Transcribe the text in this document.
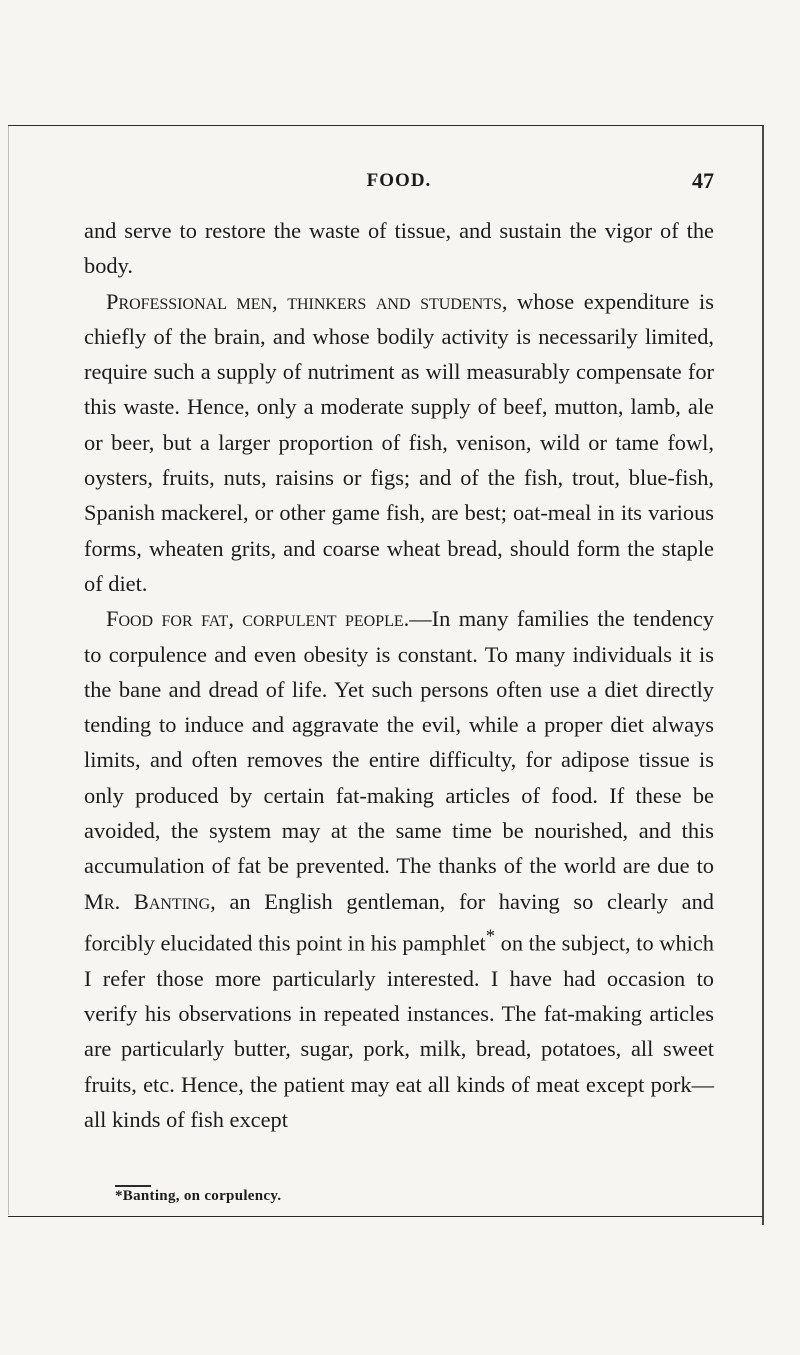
FOOD.	47

and serve to restore the waste of tissue, and sustain the vigor of the body.

Professional men, thinkers and students, whose expenditure is chiefly of the brain, and whose bodily activity is necessarily limited, require such a supply of nutriment as will measurably compensate for this waste. Hence, only a moderate supply of beef, mutton, lamb, ale or beer, but a larger proportion of fish, venison, wild or tame fowl, oysters, fruits, nuts, raisins or figs; and of the fish, trout, blue-fish, Spanish mackerel, or other game fish, are best; oat-meal in its various forms, wheaten grits, and coarse wheat bread, should form the staple of diet.

Food for fat, corpulent people.—In many families the tendency to corpulence and even obesity is constant. To many individuals it is the bane and dread of life. Yet such persons often use a diet directly tending to induce and aggravate the evil, while a proper diet always limits, and often removes the entire difficulty, for adipose tissue is only produced by certain fat-making articles of food. If these be avoided, the system may at the same time be nourished, and this accumulation of fat be prevented. The thanks of the world are due to Mr. Banting, an English gentleman, for having so clearly and forcibly elucidated this point in his pamphlet* on the subject, to which I refer those more particularly interested. I have had occasion to verify his observations in repeated instances. The fat-making articles are particularly butter, sugar, pork, milk, bread, potatoes, all sweet fruits, etc. Hence, the patient may eat all kinds of meat except pork—all kinds of fish except

*Banting, on corpulency.
